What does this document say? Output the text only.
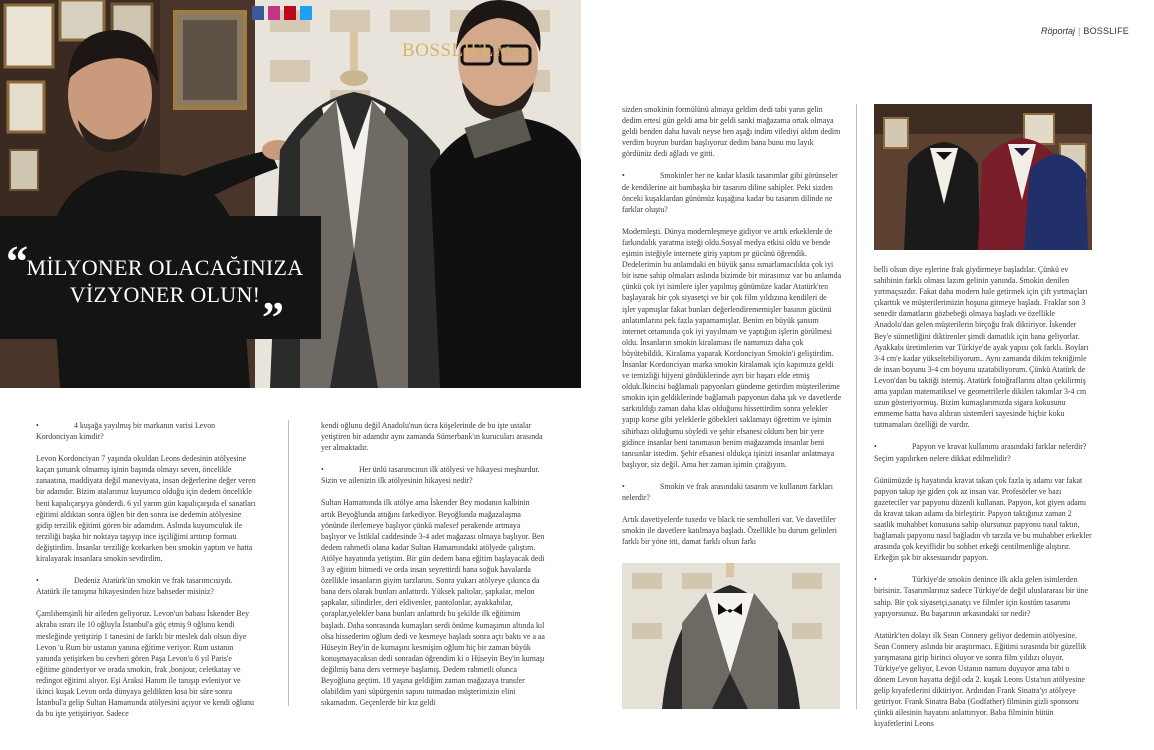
BOSSLIFE Men
“
MİLYONER OLACAĞINIZA
VİZYONER OLUN! ”
Röportaj | BOSSLIFE

•	4 kuşağa yayılmış bir markanın varisi Levon Kordonciyan kimdir?

Levon Kordonciyan 7 yaşında okuldan Leons dedesinin atölyesine kaçan şımarık olmamış işinin başında olmayı seven, öncelikle zanaatına, maddiyata değil maneviyata, insan değerlerine değer veren bir adamdır. Bizim atalarımız kuyumcu olduğu için dedem öncelikle beni kapalıçarşıya gönderdi. 6 yıl yarım gün kapalıçarşıda el sanatları eğitimi aldıktan sonra öğlen bir den sonra ise dedemin atölyesine gidip terzilik eğitimi gören bir adamdım. Aslında kuyumculuk ile terziliği başka bir noktaya taşıyıp ince işçiliğimi arttırıp formatı değiştirdim. İnsanlar terziliğe korkarken ben smokin yaptım ve hatta kiralayarak insanlara smokin sevdirdim.

•	Dedeniz Atatürk'ün smokin ve frak tasarımcısıydı. Atatürk ile tanışma hikayesinden bize bahseder misiniz?

Çamlıhemşinli bir aileden geliyoruz. Levon'un babası İskender Bey akraba ısrarı ile 10 oğluyla İstanbul'a göç etmiş 9 oğlunu kendi mesleğinde yetiştirip 1 tanesini de farklı bir meslek dalı olsun diye Levon 'u Rum bir ustanın yanına eğitime veriyor. Rum ustanın yanında yetişirken bu cevheri gören Paşa Levon'u 6 yıl Paris'e eğitime gönderiyor ve orada smokin, frak ,bonjour, celetkatay ve redingot eğitimi alıyor. Eşi Araksi Hanım ile tanışıp evleniyor ve ikinci kuşak Levon orda dünyaya geldikten kısa bir süre sonra İstanbul'a gelip Sultan Hamamında atölyesini açıyor ve kendi oğlunu da bu işte yetiştiriyor. Sadece

kendi oğlunu değil Anadolu'nun ücra köşelerinde de bu işte ustalar yetiştiren bir adamdır aynı zamanda Sümerbank'ın kurucuları arasında yer almaktadır.

•	Her ünlü tasarımcının ilk atölyesi ve hikayesi meşhurdur. Sizin ve ailenizin ilk atölyesinin hikayesi nedir?

Sultan Hamamında ilk atölye ama İskender Bey modanın kalbinin artık Beyoğlunda attığını farkediyor. Beyoğlunda mağazalaşma yönünde ilerlemeye başlıyor çünkü malesef perakende artmaya başlıyor ve İstiklal caddesinde 3-4 adet mağazası olmaya başlıyor. Ben dedem rahmetli olana kadar Sultan Hamamındaki atölyede çalıştım. Atölye hayatında yetiştim. Bir gün dedem bana eğitim başlayacak dedi 3 ay eğitim bitmedi ve orda insan seyrettirdi bana soğuk havalarda özellikle insanların giyim tarzlarını. Sonra yukarı atölyeye çıkınca da bana ders olarak bunları anlattırdı. Yüksek paltolar, şapkalar, melon şapkalar, silindirler, deri eldivenler, pantolonlar, ayakkabılar, çoraplar,yelekler bana bunları anlattırdı bu şekilde ilk eğitimim başladı. Daha sonrasında kumaşları serdi önüme kumaşımın altında kıl olsa hissederim oğlum dedi ve kesmeye başladı sonra açtı baktı ve a aa Hüseyin Bey'in de kumaşını kesmişim oğlum hiç bir zaman büyük konuşmayacaksın dedi sonradan öğrendim ki o Hüseyin Bey'in kumaşı değilmiş bana ders vermeye başlamış. Dedem rahmetli olunca Beyoğluna geçtim. 18 yaşına geldiğim zaman mağazaya transfer olabildim yani süpürgenin sapını tutmadan müşterimizin elini sıkamadım. Geçenlerde bir kız geldi

sizden smokinin formülünü almaya geldim dedi tabi yarın gelin dedim ertesi gün geldi ama bir geldi sanki mağazama ortak olmaya geldi benden daha havalı neyse ben aşağı indim vilediyi aldım dedim verdim buyrun burdan başlıyoruz dedim bana bunu mu layık gördünüz dedi ağladı ve gitti.

•	Smokinler her ne kadar klasik tasarımlar gibi görünseler de kendilerine ait bambaşka bir tasarım diline sahipler. Peki sizden önceki kuşaklardan günümüz kuşağına kadar bu tasarım dilinde ne farklar oluştu?

Modernleşti. Dünya modernleşmeye gidiyor ve artık erkeklerde de farkındalık yaratma isteği oldu.Sosyal medya etkisi oldu ve bende eşimin isteğiyle internete giriş yaptım pr gücünü öğrendik. Dedelerimin bu anlamdaki en büyük şansı ısmarlamacılıkta çok iyi bir isme sahip olmaları aslında bizimde bir mirasımız var bu anlamda çünkü çok iyi isimlere işler yapılmış günümüze kadar Atatürk'ten başlayarak bir çok siyasetçi ve bir çok film yıldızına kendileri de işler yapmışlar fakat bunları değerlendirememişler basının gücünü anlatımlarını pek fazla yapamamışlar. Benim en büyük şansım internet ortamında çok iyi yayılmam ve yaptığım işlerin görülmesi oldu. İnsanların smokin kiralaması ile namımızı daha çok büyütebildik. Kiralama yaparak Kordonciyan Smokin'i geliştirdim. İnsanlar Kordonciyan marka smokin kiralamak için kapımıza geldi ve temizliği hijyeni gördüklerinde ayrı bir başarı elde etmiş olduk.İkincisi bağlamalı papyonları gündeme getirdim müşterilerime smokin için geldiklerinde bağlamalı papyonun daha şık ve davetlerde sarkıtıldığı zaman daha klas olduğunu hissettirdim sonra yelekler yapıp korse gibi yeleklerle göbekleri saklamayı öğrettim ve işimin sihirbazı olduğumu söyledi ve şehir efsanesi oldum ben bir yere gidince insanlar beni tanımasın benim mağazamda insanlar beni tanısınlar istedim. Şehir efsanesi oldukça işinizi insanlar anlatmaya başlıyor, siz değil. Ama her zaman işimin çırağıyım.

•	Smokin ve frak arasındaki tasarım ve kullanım farkları nelerdir?

Artık davetiyelerde tuxedo ve black tie sembolleri var. Ve davetliler smokin ile davetlere katılmaya başladı. Özellikle bu durum gelinleri farklı bir yöne itti, damat farklı olsun farkı

belli olsun diye eşlerine frak giydirmeye başladılar. Çünkü ev sahibinin farklı olması lazım gelinin yanında. Smokin denilen yırtmaçsızdır. Fakat daha modern hale getirmek için çift yırtmaçları çıkarttık ve müşterilerimizin hoşuna gitmeye başladı. Fraklar son 3 senedir damatların gözbebeği olmaya başladı ve özellikle Anadolu'dan gelen müşterilerin birçoğu frak diktiriyor. İskender Bey'e sünnetliğini diktirenler şimdi damatlık için bana geliyorlar. Ayakkabı üretimlerim var Türkiye'de ayak yapısı çok farklı. Boyları 3-4 cm'e kadar yükseltebiliyorum.. Aynı zamanda dikim tekniğimle de insan boyunu 3-4 cm boyunu uzatabiliyorum. Çünkü Atatürk de Levon'dan bu taktiği istemiş. Atatürk fotoğraflarını altan çekilirmiş ama yapılan matematiksel ve geometrilerle dikilen takımlar 3-4 cm uzun gösteriyormuş. Bizim kumaşlarımızda sigara kokusunu emmeme hatta hava aldıran sistemleri sayesinde hiçbir koku tutmamaları özelliği de vardır.

•	Papyon ve kravat kullanımı arasındaki farklar nelerdir? Seçim yapılırken nelere dikkat edilmelidir?

Günümüzde iş hayatında kravat takan çok fazla iş adamı var fakat papyon takıp işe giden çok az insan var. Profesörler ve bazı gazeteciler var papyonu düzenli kullanan. Papyon, kot giyen adamı da kravat takan adamı da birleştirir. Papyon taktığınız zaman 2 saatlik muhabbet konusuna sahip olursunuz papyonu nasıl taktın, bağlamalı papyonu nasıl bağladın vb tarzda ve bu muhabbet erkekler arasında çok keyiflidir bu sohbet erkeği centilmenliğe alıştırır. Erkeğin şık bir aksesuarıdır papyon.

•	Türkiye'de smokin denince ilk akla gelen isimlerden birisiniz. Tasarımlarınız sadece Türkiye'de değil uluslararası bir üne sahip. Bir çok siyasetçi,sanatçı ve filmler için kostüm tasarımı yapıyorsunuz. Bu başarının arkasındaki sır nedir?

Atatürk'ten dolayı ilk Sean Connery geliyor dedemin atölyesine. Sean Connery aslında bir araştırmacı. Eğitimi sırasında bir güzellik yarışmasına girip birinci oluyor ve sonra film yıldızı oluyor. Türkiye'ye geliyor, Levon Ustanın namını duyuyor ama tabi o dönem Levon hayatta değil oda 2. kuşak Leons Usta'nın atölyesine gelip kıyafetlerini diktiriyor. Ardından Frank Sinatra'yı atölyeye getiriyor. Frank Sinatra Baba (Godfather) filminin gizli sponsoru çünkü ailesinin hayatını anlattırıyor. Baba filminin bütün kıyafetlerini Leons
